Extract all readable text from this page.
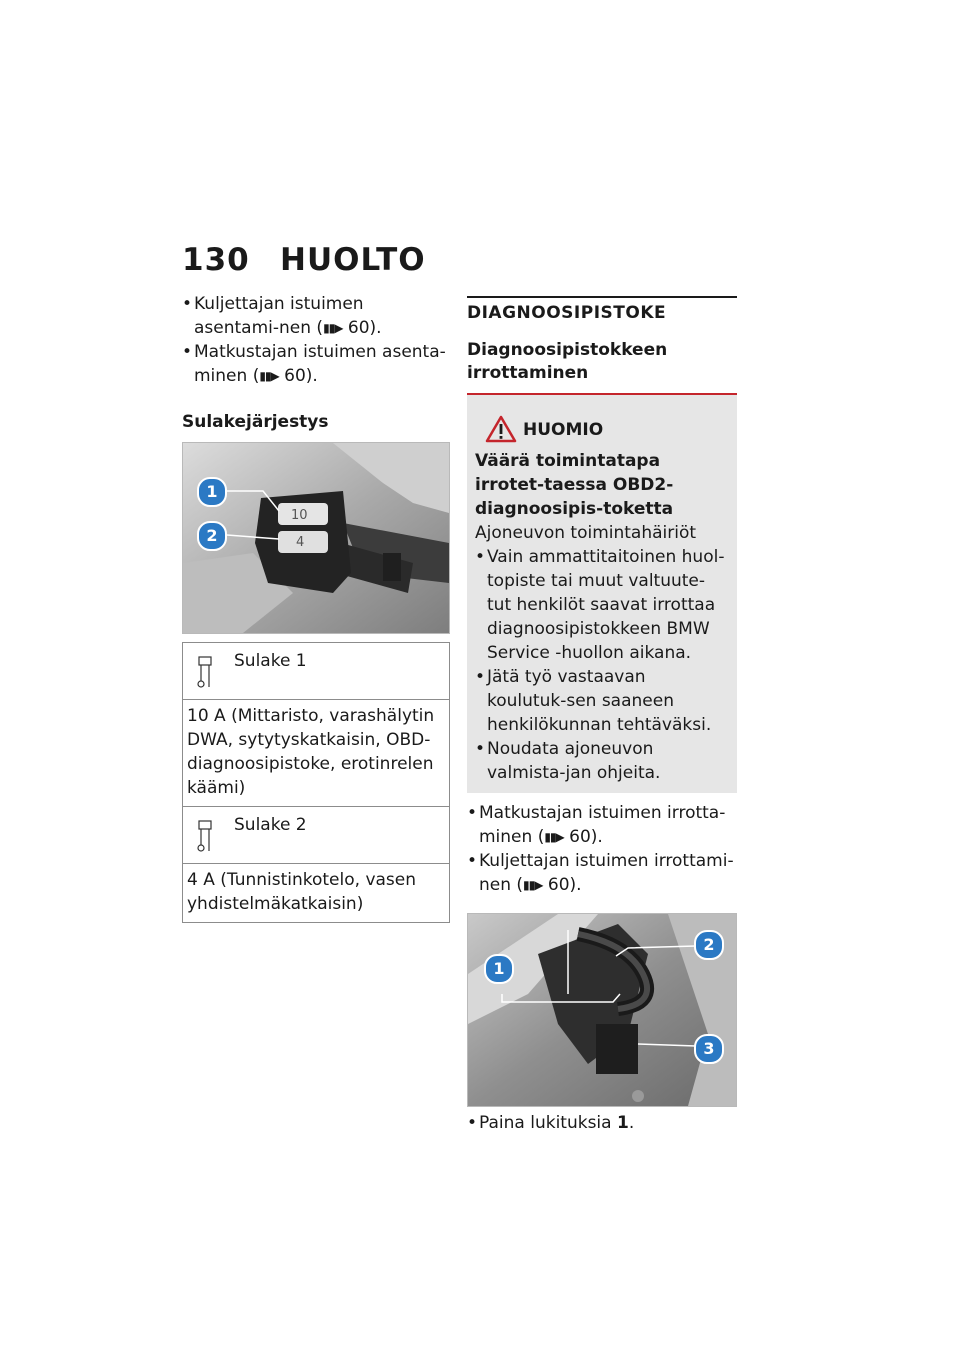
130 HUOLTO
• Kuljettajan istuimen asentami-nen (▮▮▶ 60).
• Matkustajan istuimen asenta-minen (▮▮▶ 60).
Sulakejärjestys
10
4
1
2
Sulake 1
10 A (Mittaristo, varashälytin DWA, sytytyskatkaisin, OBD-diagnoosipistoke, erotinrelen käämi)
Sulake 2
4 A (Tunnistinkotelo, vasen yhdistelmäkatkaisin)
DIAGNOOSIPISTOKE
Diagnoosipistokkeen irrottaminen
HUOMIO
Väärä toimintatapa irrotet-taessa OBD2-diagnoosipis-toketta
Ajoneuvon toimintahäiriöt
• Vain ammattitaitoinen huol-topiste tai muut valtuute-tut henkilöt saavat irrottaa diagnoosipistokkeen BMW Service -huollon aikana.
• Jätä työ vastaavan koulutuk-sen saaneen henkilökunnan tehtäväksi.
• Noudata ajoneuvon valmista-jan ohjeita.
• Matkustajan istuimen irrotta-minen (▮▮▶ 60).
• Kuljettajan istuimen irrottami-nen (▮▮▶ 60).
1
2
3
• Paina lukituksia 1.
